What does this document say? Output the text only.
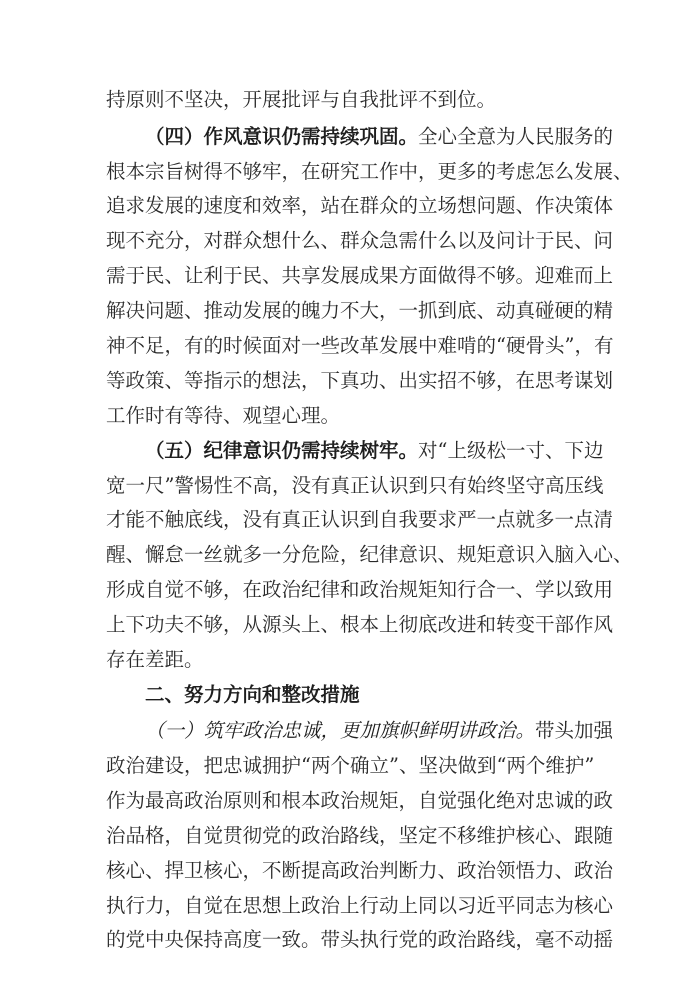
持原则不坚决，开展批评与自我批评不到位。
（四）作风意识仍需持续巩固。全心全意为人民服务的
根本宗旨树得不够牢，在研究工作中，更多的考虑怎么发展、
追求发展的速度和效率，站在群众的立场想问题、作决策体
现不充分，对群众想什么、群众急需什么以及问计于民、问
需于民、让利于民、共享发展成果方面做得不够。迎难而上
解决问题、推动发展的魄力不大，一抓到底、动真碰硬的精
神不足，有的时候面对一些改革发展中难啃的“硬骨头”，有
等政策、等指示的想法，下真功、出实招不够，在思考谋划
工作时有等待、观望心理。
（五）纪律意识仍需持续树牢。对“上级松一寸、下边
宽一尺”警惕性不高，没有真正认识到只有始终坚守高压线
才能不触底线，没有真正认识到自我要求严一点就多一点清
醒、懈怠一丝就多一分危险，纪律意识、规矩意识入脑入心、
形成自觉不够，在政治纪律和政治规矩知行合一、学以致用
上下功夫不够，从源头上、根本上彻底改进和转变干部作风
存在差距。
二、努力方向和整改措施
（一）筑牢政治忠诚，更加旗帜鲜明讲政治。带头加强
政治建设，把忠诚拥护“两个确立”、坚决做到“两个维护”
作为最高政治原则和根本政治规矩，自觉强化绝对忠诚的政
治品格，自觉贯彻党的政治路线，坚定不移维护核心、跟随
核心、捍卫核心，不断提高政治判断力、政治领悟力、政治
执行力，自觉在思想上政治上行动上同以习近平同志为核心
的党中央保持高度一致。带头执行党的政治路线，毫不动摇
